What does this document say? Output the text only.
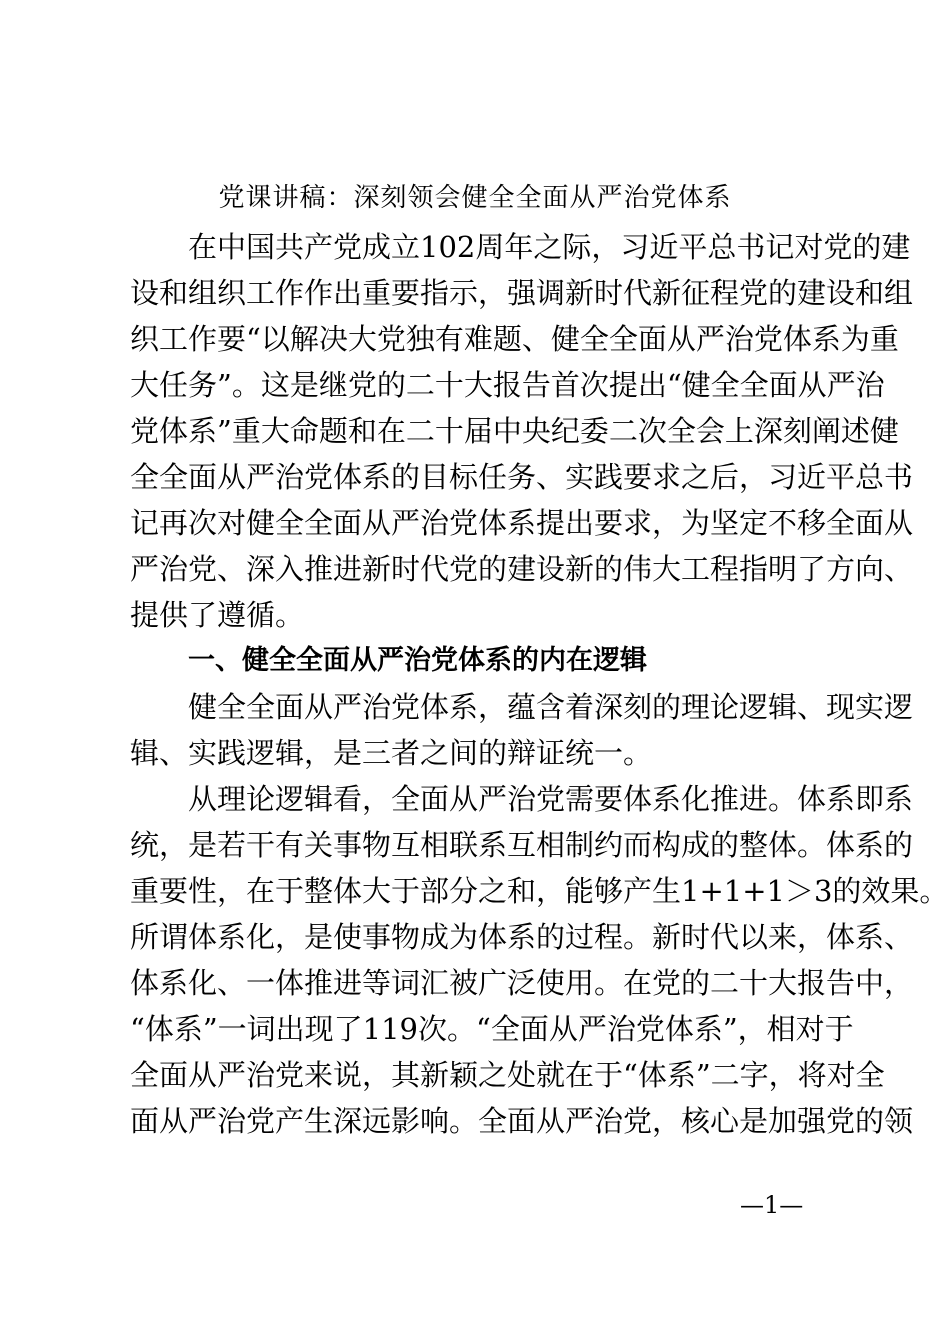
党课讲稿：深刻领会健全全面从严治党体系
在中国共产党成立102周年之际，习近平总书记对党的建
设和组织工作作出重要指示，强调新时代新征程党的建设和组
织工作要“以解决大党独有难题、健全全面从严治党体系为重
大任务”。这是继党的二十大报告首次提出“健全全面从严治
党体系”重大命题和在二十届中央纪委二次全会上深刻阐述健
全全面从严治党体系的目标任务、实践要求之后，习近平总书
记再次对健全全面从严治党体系提出要求，为坚定不移全面从
严治党、深入推进新时代党的建设新的伟大工程指明了方向、
提供了遵循。
一、健全全面从严治党体系的内在逻辑
健全全面从严治党体系，蕴含着深刻的理论逻辑、现实逻
辑、实践逻辑，是三者之间的辩证统一。
从理论逻辑看，全面从严治党需要体系化推进。体系即系
统，是若干有关事物互相联系互相制约而构成的整体。体系的
重要性，在于整体大于部分之和，能够产生1+1+1＞3的效果。
所谓体系化，是使事物成为体系的过程。新时代以来，体系、
体系化、一体推进等词汇被广泛使用。在党的二十大报告中，
“体系”一词出现了119次。“全面从严治党体系”，相对于
全面从严治党来说，其新颖之处就在于“体系”二字，将对全
面从严治党产生深远影响。全面从严治党，核心是加强党的领
—1—
